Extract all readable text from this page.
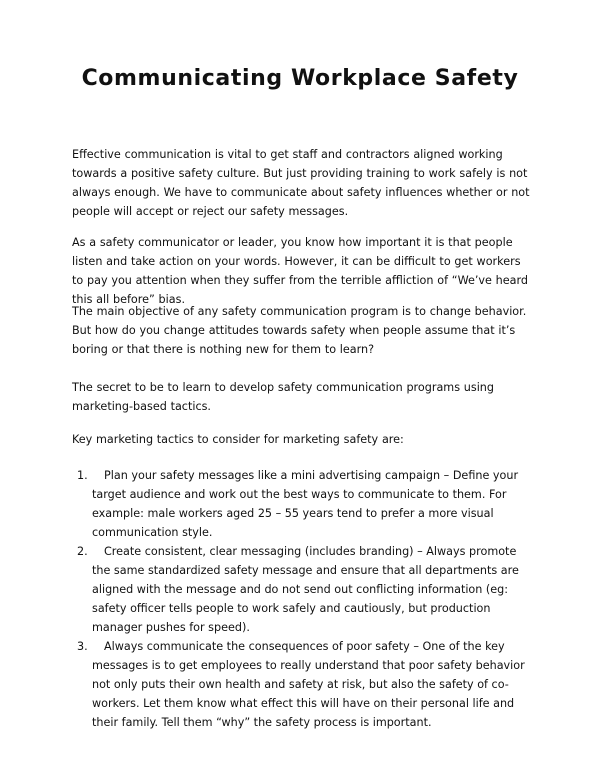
Communicating Workplace Safety

Effective communication is vital to get staff and contractors aligned working towards a positive safety culture. But just providing training to work safely is not always enough. We have to communicate about safety influences whether or not people will accept or reject our safety messages.

As a safety communicator or leader, you know how important it is that people listen and take action on your words. However, it can be difficult to get workers to pay you attention when they suffer from the terrible affliction of “We’ve heard this all before” bias.

The main objective of any safety communication program is to change behavior. But how do you change attitudes towards safety when people assume that it’s boring or that there is nothing new for them to learn?

The secret to be to learn to develop safety communication programs using marketing-based tactics.

Key marketing tactics to consider for marketing safety are:

1.	Plan your safety messages like a mini advertising campaign – Define your target audience and work out the best ways to communicate to them. For example: male workers aged 25 – 55 years tend to prefer a more visual communication style.
2.	Create consistent, clear messaging (includes branding) – Always promote the same standardized safety message and ensure that all departments are aligned with the message and do not send out conflicting information (eg: safety officer tells people to work safely and cautiously, but production manager pushes for speed).
3.	Always communicate the consequences of poor safety – One of the key messages is to get employees to really understand that poor safety behavior not only puts their own health and safety at risk, but also the safety of co-workers. Let them know what effect this will have on their personal life and their family. Tell them “why” the safety process is important.
